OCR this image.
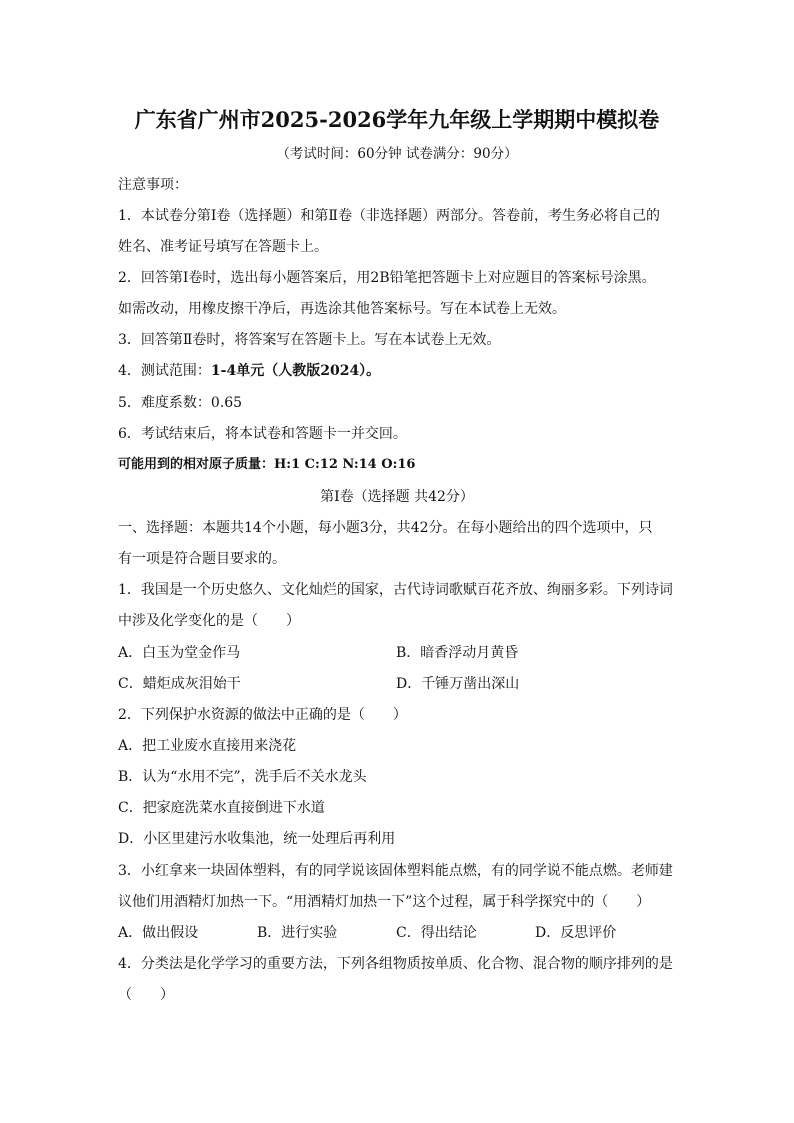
广东省广州市2025-2026学年九年级上学期期中模拟卷
（考试时间：60分钟 试卷满分：90分）
注意事项：
1．本试卷分第Ⅰ卷（选择题）和第Ⅱ卷（非选择题）两部分。答卷前，考生务必将自己的
姓名、准考证号填写在答题卡上。
2．回答第Ⅰ卷时，选出每小题答案后，用2B铅笔把答题卡上对应题目的答案标号涂黑。
如需改动，用橡皮擦干净后，再选涂其他答案标号。写在本试卷上无效。
3．回答第Ⅱ卷时，将答案写在答题卡上。写在本试卷上无效。
4．测试范围：1-4单元（人教版2024）。
5．难度系数：0.65
6．考试结束后，将本试卷和答题卡一并交回。
可能用到的相对原子质量：H:1 C:12 N:14 O:16
第Ⅰ卷（选择题 共42分）
一、选择题：本题共14个小题，每小题3分，共42分。在每小题给出的四个选项中，只
有一项是符合题目要求的。
1．我国是一个历史悠久、文化灿烂的国家，古代诗词歌赋百花齐放、绚丽多彩。下列诗词
中涉及化学变化的是（　　）
A．白玉为堂金作马	B．暗香浮动月黄昏
C．蜡炬成灰泪始干	D．千锤万凿出深山
2．下列保护水资源的做法中正确的是（　　）
A．把工业废水直接用来浇花
B．认为“水用不完”，洗手后不关水龙头
C．把家庭洗菜水直接倒进下水道
D．小区里建污水收集池，统一处理后再利用
3．小红拿来一块固体塑料，有的同学说该固体塑料能点燃，有的同学说不能点燃。老师建
议他们用酒精灯加热一下。“用酒精灯加热一下”这个过程，属于科学探究中的（　　）
A．做出假设	B．进行实验	C．得出结论	D．反思评价
4．分类法是化学学习的重要方法，下列各组物质按单质、化合物、混合物的顺序排列的是
（　　）
